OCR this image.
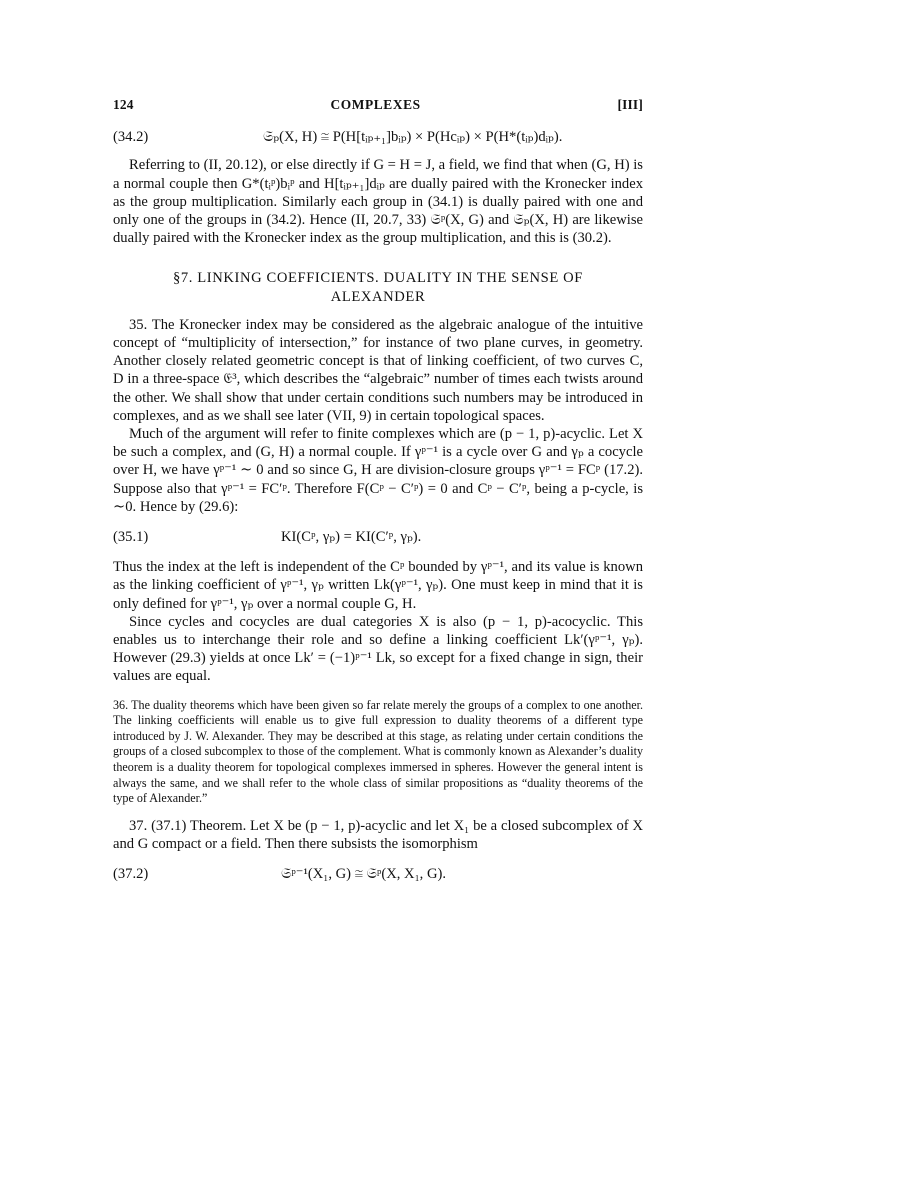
124	COMPLEXES	[III]
(34.2)	𝔖ₚ(X, H) ≅ P(H[tᵢₚ₊₁]bᵢₚ) × P(Hcᵢₚ) × P(H*(tᵢₚ)dᵢₚ).

Referring to (II, 20.12), or else directly if G = H = J, a field, we find that when (G, H) is a normal couple then G*(tᵢᵖ)bᵢᵖ and H[tᵢₚ₊₁]dᵢₚ are dually paired with the Kronecker index as the group multiplication. Similarly each group in (34.1) is dually paired with one and only one of the groups in (34.2). Hence (II, 20.7, 33) 𝔖ᵖ(X, G) and 𝔖ₚ(X, H) are likewise dually paired with the Kronecker index as the group multiplication, and this is (30.2).

§7. LINKING COEFFICIENTS. DUALITY IN THE SENSE OF
ALEXANDER

35. The Kronecker index may be considered as the algebraic analogue of the intuitive concept of “multiplicity of intersection,” for instance of two plane curves, in geometry. Another closely related geometric concept is that of linking coefficient, of two curves C, D in a three-space 𝔈³, which describes the “algebraic” number of times each twists around the other. We shall show that under certain conditions such numbers may be introduced in complexes, and as we shall see later (VII, 9) in certain topological spaces.

Much of the argument will refer to finite complexes which are (p − 1, p)-acyclic. Let X be such a complex, and (G, H) a normal couple. If γᵖ⁻¹ is a cycle over G and γₚ a cocycle over H, we have γᵖ⁻¹ ∼ 0 and so since G, H are division-closure groups γᵖ⁻¹ = FCᵖ (17.2). Suppose also that γᵖ⁻¹ = FC′ᵖ. Therefore F(Cᵖ − C′ᵖ) = 0 and Cᵖ − C′ᵖ, being a p-cycle, is ∼0. Hence by (29.6):

(35.1)	KI(Cᵖ, γₚ) = KI(C′ᵖ, γₚ).

Thus the index at the left is independent of the Cᵖ bounded by γᵖ⁻¹, and its value is known as the linking coefficient of γᵖ⁻¹, γₚ written Lk(γᵖ⁻¹, γₚ). One must keep in mind that it is only defined for γᵖ⁻¹, γₚ over a normal couple G, H.

Since cycles and cocycles are dual categories X is also (p − 1, p)-acocyclic. This enables us to interchange their role and so define a linking coefficient Lk′(γᵖ⁻¹, γₚ). However (29.3) yields at once Lk′ = (−1)ᵖ⁻¹ Lk, so except for a fixed change in sign, their values are equal.

36. The duality theorems which have been given so far relate merely the groups of a complex to one another. The linking coefficients will enable us to give full expression to duality theorems of a different type introduced by J. W. Alexander. They may be described at this stage, as relating under certain conditions the groups of a closed subcomplex to those of the complement. What is commonly known as Alexander’s duality theorem is a duality theorem for topological complexes immersed in spheres. However the general intent is always the same, and we shall refer to the whole class of similar propositions as “duality theorems of the type of Alexander.”

37. (37.1) Theorem. Let X be (p − 1, p)-acyclic and let X₁ be a closed subcomplex of X and G compact or a field. Then there subsists the isomorphism

(37.2)	𝔖ᵖ⁻¹(X₁, G) ≅ 𝔖ᵖ(X, X₁, G).
